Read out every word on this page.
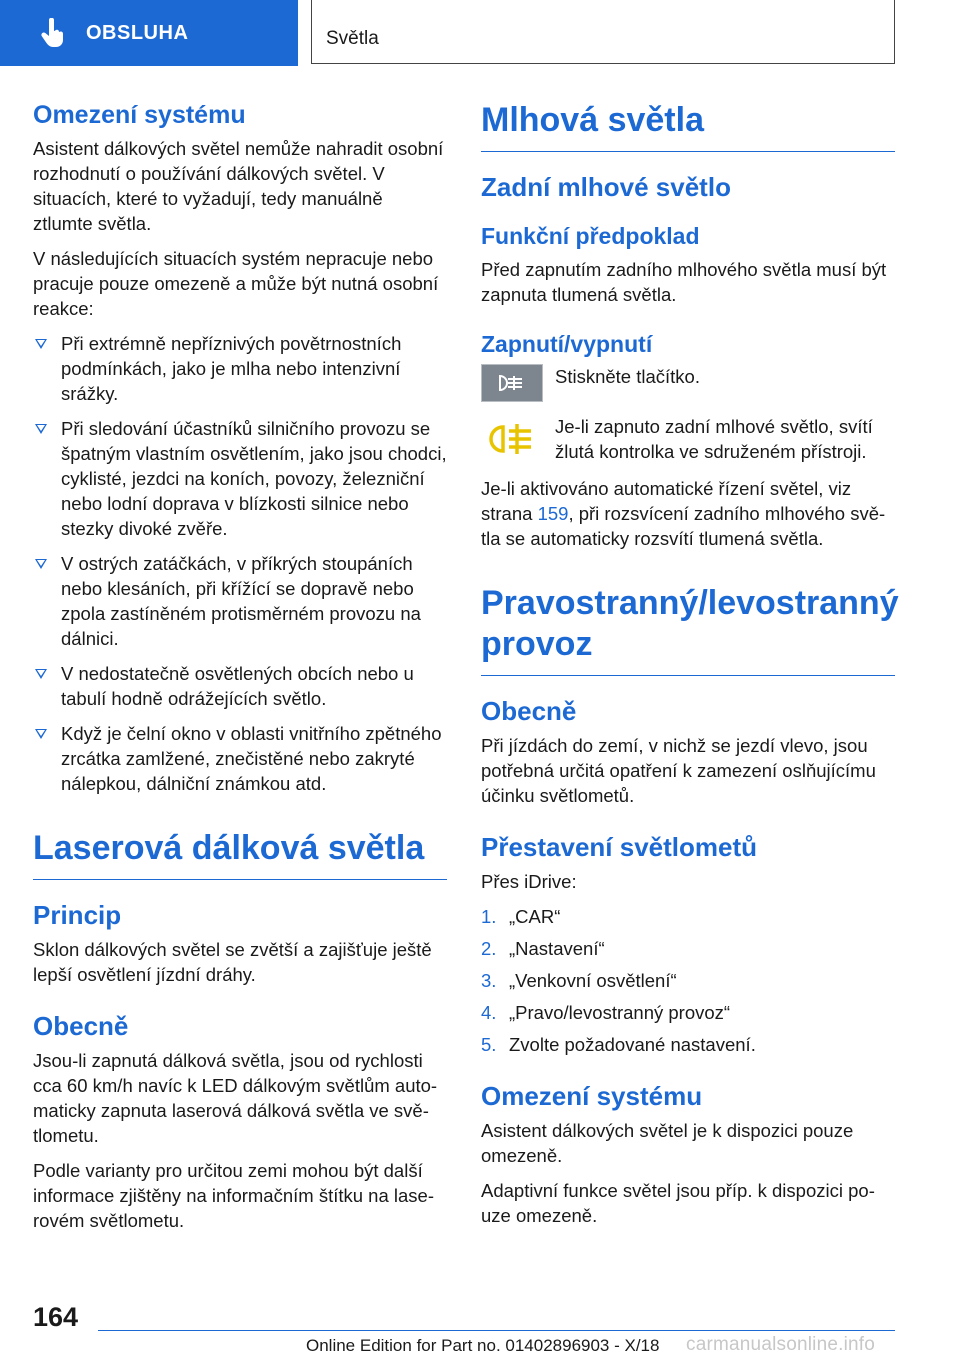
OBSLUHA	Světla
Omezení systému

Asistent dálkových světel nemůže nahradit osobní rozhodnutí o používání dálkových světel. V situacích, které to vyžadují, tedy manuálně ztlumte světla.

V následujících situacích systém nepracuje nebo pracuje pouze omezeně a může být nutná osobní reakce:

Při extrémně nepříznivých povětrnostních podmínkách, jako je mlha nebo intenzivní srážky.
Při sledování účastníků silničního provozu se špatným vlastním osvětlením, jako jsou chodci, cyklisté, jezdci na koních, povozy, železniční nebo lodní doprava v blízkosti silnice nebo stezky divoké zvěře.
V ostrých zatáčkách, v příkrých stoupáních nebo klesáních, při křížící se dopravě nebo zpola zastíněném protisměrném provozu na dálnici.
V nedostatečně osvětlených obcích nebo u tabulí hodně odrážejících světlo.
Když je čelní okno v oblasti vnitřního zpětného zrcátka zamlžené, znečistěné nebo zakryté nálepkou, dálniční známkou atd.
Laserová dálková světla
Princip

Sklon dálkových světel se zvětší a zajišťuje ještě lepší osvětlení jízdní dráhy.

Obecně

Jsou-li zapnutá dálková světla, jsou od rychlosti cca 60 km/h navíc k LED dálkovým světlům automaticky zapnuta laserová dálková světla ve světlometu.

Podle varianty pro určitou zemi mohou být další informace zjištěny na informačním štítku na laserovém světlometu.

Mlhová světla
Zadní mlhové světlo
Funkční předpoklad

Před zapnutím zadního mlhového světla musí být zapnuta tlumená světla.

Zapnutí/vypnutí
Stiskněte tlačítko.
Je-li zapnuto zadní mlhové světlo, svítí žlutá kontrolka ve sdruženém přístroji.

Je-li aktivováno automatické řízení světel, viz strana 159, při rozsvícení zadního mlhového světla se automaticky rozsvítí tlumená světla.

Pravostranný/levostranný provoz
Obecně

Při jízdách do zemí, v nichž se jezdí vlevo, jsou potřebná určitá opatření k zamezení oslňujícímu účinku světlometů.

Přestavení světlometů

Přes iDrive:

1. „CAR“
2. „Nastavení“
3. „Venkovní osvětlení“
4. „Pravo/levostranný provoz“
5. Zvolte požadované nastavení.
Omezení systému

Asistent dálkových světel je k dispozici pouze omezeně.

Adaptivní funkce světel jsou příp. k dispozici pouze omezeně.

164
Online Edition for Part no. 01402896903 - X/18 carmanualsonline.info
